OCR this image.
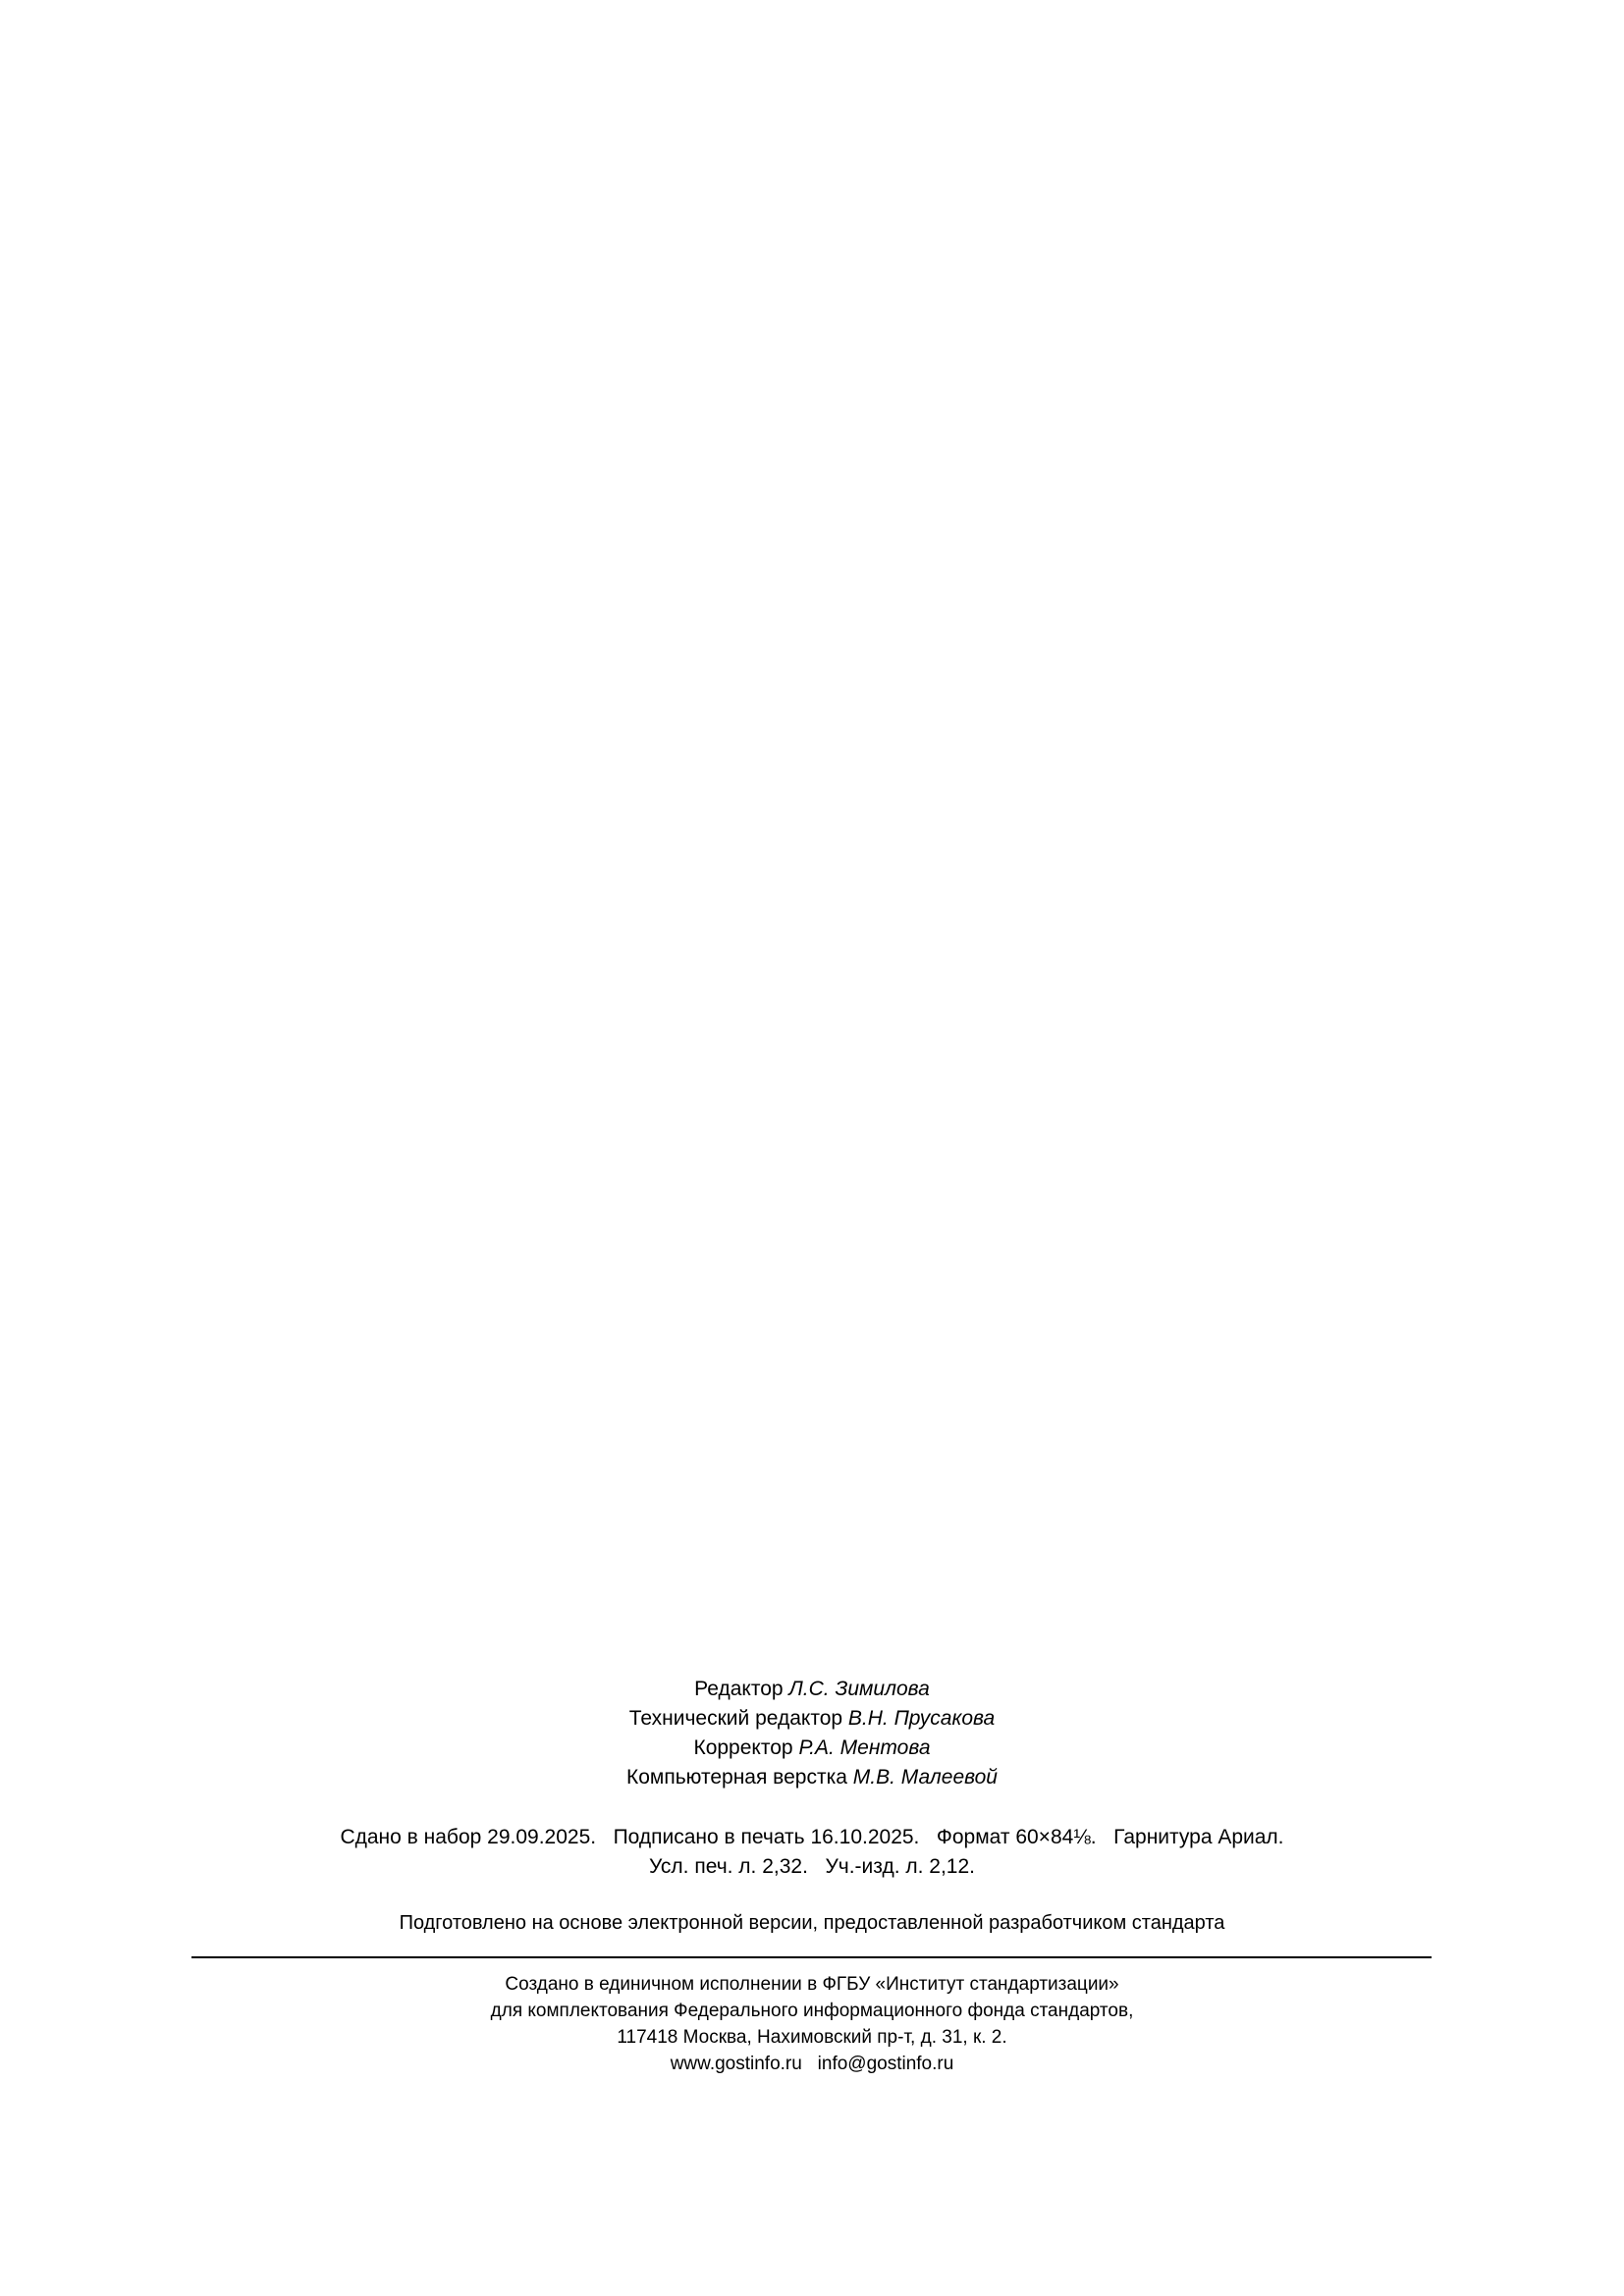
Редактор Л.С. Зимилова
Технический редактор В.Н. Прусакова
Корректор Р.А. Ментова
Компьютерная верстка М.В. Малеевой
Сдано в набор 29.09.2025.   Подписано в печать 16.10.2025.   Формат 60×84⅛.   Гарнитура Ариал.
Усл. печ. л. 2,32.   Уч.-изд. л. 2,12.
Подготовлено на основе электронной версии, предоставленной разработчиком стандарта
Создано в единичном исполнении в ФГБУ «Институт стандартизации»
для комплектования Федерального информационного фонда стандартов,
117418 Москва, Нахимовский пр-т, д. 31, к. 2.
www.gostinfo.ru   info@gostinfo.ru
